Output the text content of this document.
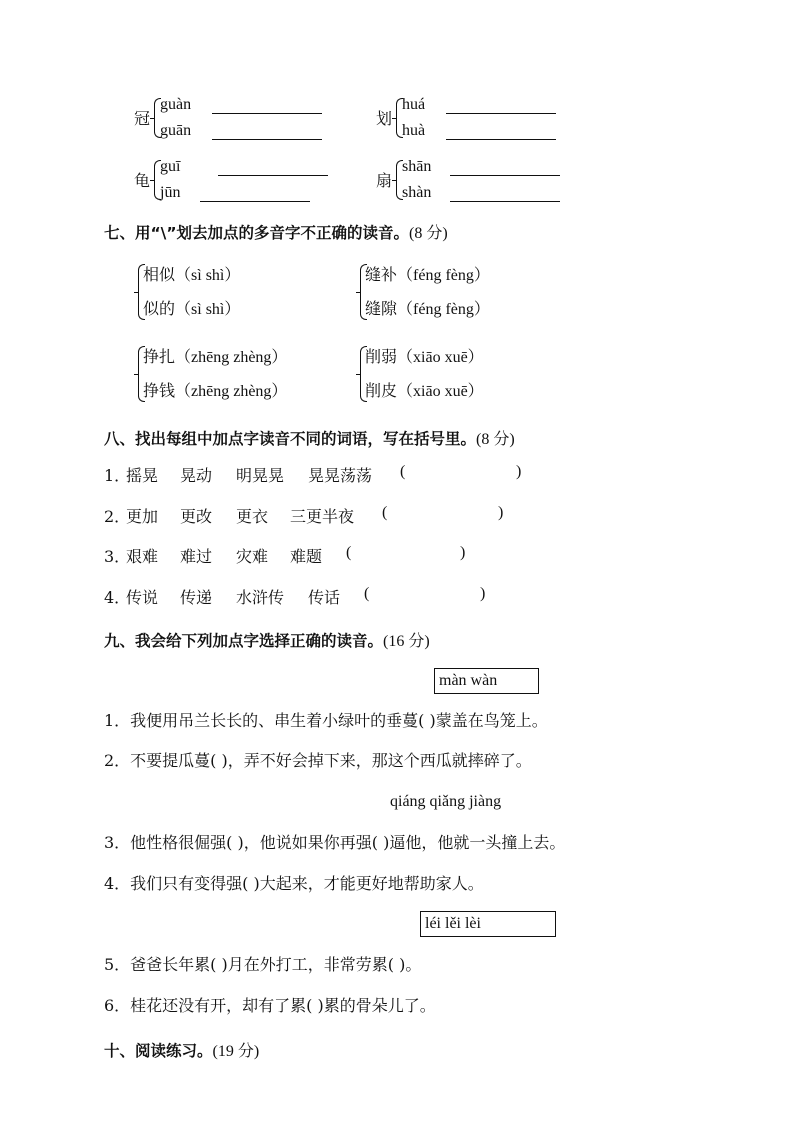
冠
guàn
guān
划
huá
huà
龟
guī
jūn
扇
shān
shàn
七、用“\”划去加点的多音字不正确的读音。(8 分)
相似（sì shì）
似的（sì shì）
缝补（féng fèng）
缝隙（féng fèng）
挣扎（zhēng zhèng）
挣钱（zhēng zhèng）
削弱（xiāo xuē）
削皮（xiāo xuē）
八、找出每组中加点字读音不同的词语，写在括号里。(8 分)
1．
摇晃 晃动 明晃晃 晃晃荡荡 (	)
2．
更加 更改 更衣 三更半夜 (	)
3．
艰难 难过 灾难 难题 (	)
4．
传说 传递 水浒传 传话 (	)
九、我会给下列加点字选择正确的读音。(16 分)
màn wàn
1．我便用吊兰长长的、串生着小绿叶的垂蔓( )蒙盖在鸟笼上。
2．不要提瓜蔓( )，弄不好会掉下来，那这个西瓜就摔碎了。
qiáng qiǎng jiàng
3．他性格很倔强( )，他说如果你再强( )逼他，他就一头撞上去。
4．我们只有变得强( )大起来，才能更好地帮助家人。
léi lěi lèi
5．爸爸长年累( )月在外打工，非常劳累( )。
6．桂花还没有开，却有了累( )累的骨朵儿了。
十、阅读练习。(19 分)
